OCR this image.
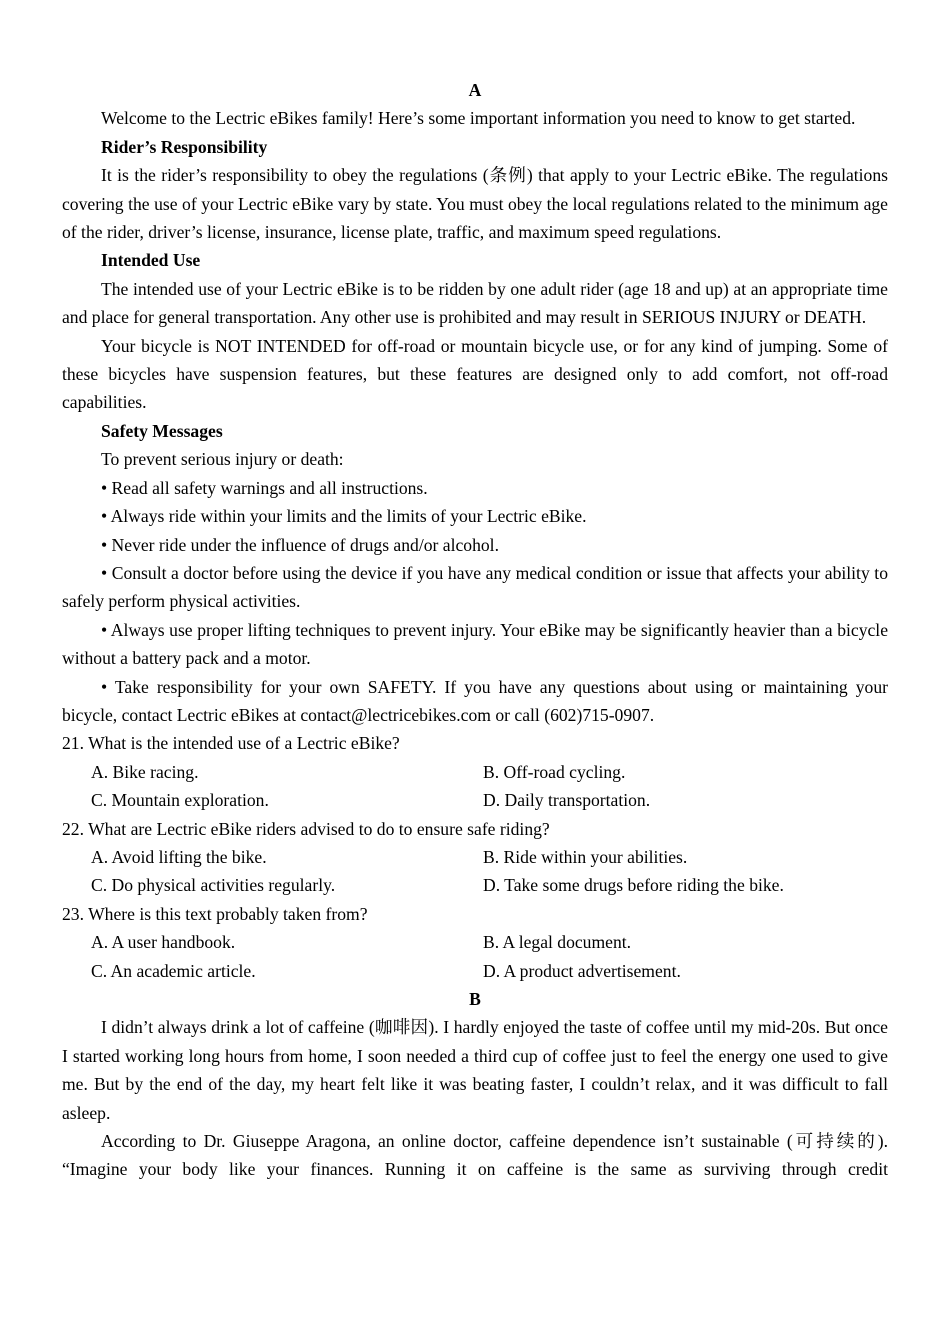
A

Welcome to the Lectric eBikes family! Here’s some important information you need to know to get started.

Rider’s Responsibility

It is the rider’s responsibility to obey the regulations (条例) that apply to your Lectric eBike. The regulations covering the use of your Lectric eBike vary by state. You must obey the local regulations related to the minimum age of the rider, driver’s license, insurance, license plate, traffic, and maximum speed regulations.

Intended Use

The intended use of your Lectric eBike is to be ridden by one adult rider (age 18 and up) at an appropriate time and place for general transportation. Any other use is prohibited and may result in SERIOUS INJURY or DEATH.

Your bicycle is NOT INTENDED for off-road or mountain bicycle use, or for any kind of jumping. Some of these bicycles have suspension features, but these features are designed only to add comfort, not off-road capabilities.

Safety Messages
To prevent serious injury or death:

• Read all safety warnings and all instructions.

• Always ride within your limits and the limits of your Lectric eBike.

• Never ride under the influence of drugs and/or alcohol.

• Consult a doctor before using the device if you have any medical condition or issue that affects your ability to safely perform physical activities.

• Always use proper lifting techniques to prevent injury. Your eBike may be significantly heavier than a bicycle without a battery pack and a motor.

• Take responsibility for your own SAFETY. If you have any questions about using or maintaining your bicycle, contact Lectric eBikes at contact@lectricebikes.com or call (602)715-0907.

21. What is the intended use of a Lectric eBike?
A. Bike racing.	B. Off-road cycling.
C. Mountain exploration.	D. Daily transportation.
22. What are Lectric eBike riders advised to do to ensure safe riding?
A. Avoid lifting the bike.	B. Ride within your abilities.
C. Do physical activities regularly.	D. Take some drugs before riding the bike.
23. Where is this text probably taken from?
A. A user handbook.	B. A legal document.
C. An academic article.	D. A product advertisement.
B

I didn’t always drink a lot of caffeine (咖啡因). I hardly enjoyed the taste of coffee until my mid-20s. But once I started working long hours from home, I soon needed a third cup of coffee just to feel the energy one used to give me. But by the end of the day, my heart felt like it was beating faster, I couldn’t relax, and it was difficult to fall asleep.

According to Dr. Giuseppe Aragona, an online doctor, caffeine dependence isn’t sustainable (可持续的). “Imagine your body like your finances. Running it on caffeine is the same as surviving through credit
